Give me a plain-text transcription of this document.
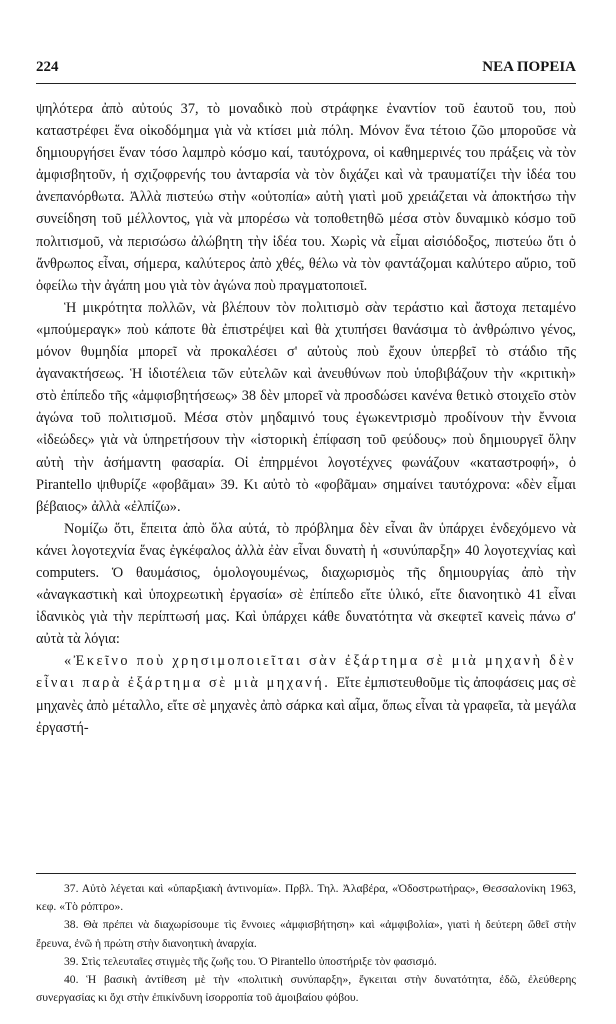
224	ΝΕΑ ΠΟΡΕΙΑ

ψηλότερα ἀπὸ αὐτούς 37, τὸ μοναδικὸ ποὺ στράφηκε ἐναντίον τοῦ ἑαυτοῦ του, ποὺ καταστρέφει ἕνα οἰκοδόμημα γιὰ νὰ κτίσει μιὰ πόλη. Μόνον ἕνα τέτοιο ζῶο μποροῦσε νὰ δημιουργήσει ἕναν τόσο λαμπρὸ κόσμο καί, ταυτόχρονα, οἱ καθημερινές του πράξεις νὰ τὸν ἀμφισβητοῦν, ἡ σχιζοφρενής του ἀνταρσία νὰ τὸν διχάζει καὶ νὰ τραυματίζει τὴν ἰδέα του ἀνεπανόρθωτα. Ἀλλὰ πιστεύω στὴν «οὐτοπία» αὐτὴ γιατὶ μοῦ χρειάζεται νὰ ἀποκτήσω τὴν συνείδηση τοῦ μέλλοντος, γιὰ νὰ μπορέσω νὰ τοποθετηθῶ μέσα στὸν δυναμικὸ κόσμο τοῦ πολιτισμοῦ, νὰ περισώσω ἀλώβητη τὴν ἰδέα του. Χωρὶς νὰ εἶμαι αἰσιόδοξος, πιστεύω ὅτι ὁ ἄνθρωπος εἶναι, σήμερα, καλύτερος ἀπὸ χθές, θέλω νὰ τὸν φαντάζομαι καλύτερο αὔριο, τοῦ ὀφείλω τὴν ἀγάπη μου γιὰ τὸν ἀγώνα ποὺ πραγματοποιεῖ.

Ἡ μικρότητα πολλῶν, νὰ βλέπουν τὸν πολιτισμὸ σὰν τεράστιο καὶ ἄστοχα πεταμένο «μπούμεραγκ» ποὺ κάποτε θὰ ἐπιστρέψει καὶ θὰ χτυπήσει θανάσιμα τὸ ἀνθρώπινο γένος, μόνον θυμηδία μπορεῖ νὰ προκαλέσει σ' αὐτοὺς ποὺ ἔχουν ὑπερβεῖ τὸ στάδιο τῆς ἀγανακτήσεως. Ἡ ἰδιοτέλεια τῶν εὐτελῶν καὶ ἀνευθύνων ποὺ ὑποβιβάζουν τὴν «κριτικὴ» στὸ ἐπίπεδο τῆς «ἀμφισβητήσεως» 38 δὲν μπορεῖ νὰ προσδώσει κανένα θετικὸ στοιχεῖο στὸν ἀγώνα τοῦ πολιτισμοῦ. Μέσα στὸν μηδαμινό τους ἐγωκεντρισμὸ προδίνουν τὴν ἔννοια «ἰδεώδες» γιὰ νὰ ὑπηρετήσουν τὴν «ἱστορικὴ ἐπίφαση τοῦ φεύδους» ποὺ δημιουργεῖ ὅλην αὐτὴ τὴν ἀσήμαντη φασαρία. Οἱ ἐπηρμένοι λογοτέχνες φωνάζουν «καταστροφή», ὁ Pirantello ψιθυρίζε «φοβᾶμαι» 39. Κι αὐτὸ τὸ «φοβᾶμαι» σημαίνει ταυτόχρονα: «δὲν εἶμαι βέβαιος» ἀλλὰ «ἐλπίζω».

Νομίζω ὅτι, ἔπειτα ἀπὸ ὅλα αὐτά, τὸ πρόβλημα δὲν εἶναι ἂν ὑπάρχει ἐνδεχόμενο νὰ κάνει λογοτεχνία ἕνας ἐγκέφαλος ἀλλὰ ἐὰν εἶναι δυνατὴ ἡ «συνύπαρξη» 40 λογοτεχνίας καὶ computers. Ὁ θαυμάσιος, ὁμολογουμένως, διαχωρισμὸς τῆς δημιουργίας ἀπὸ τὴν «ἀναγκαστικὴ καὶ ὑποχρεωτικὴ ἐργασία» σὲ ἐπίπεδο εἴτε ὑλικό, εἴτε διανοητικὸ 41 εἶναι ἰδανικὸς γιὰ τὴν περίπτωσή μας. Καὶ ὑπάρχει κάθε δυνατότητα νὰ σκεφτεῖ κανεὶς πάνω σ' αὐτὰ τὰ λόγια:

«Ἐκεῖνο ποὺ χρησιμοποιεῖται σὰν ἐξάρτημα σὲ μιὰ μηχανὴ δὲν εἶναι παρὰ ἐξάρτημα σὲ μιὰ μηχανή. Εἴτε ἐμπιστευθοῦμε τὶς ἀποφάσεις μας σὲ μηχανὲς ἀπὸ μέταλλο, εἴτε σὲ μηχανὲς ἀπὸ σάρκα καὶ αἷμα, ὅπως εἶναι τὰ γραφεῖα, τὰ μεγάλα ἐργαστή-

37. Αὐτὸ λέγεται καὶ «ὑπαρξιακὴ ἀντινομία». Πρβλ. Τηλ. Ἀλαβέρα, «Ὀδοστρωτήρας», Θεσσαλονίκη 1963, κεφ. «Τὸ ρόπτρο».

38. Θὰ πρέπει νὰ διαχωρίσουμε τὶς ἔννοιες «ἀμφισβήτηση» καὶ «ἀμφιβολία», γιατὶ ἡ δεύτερη ὤθεῖ στὴν ἔρευνα, ἐνῶ ἡ πρώτη στὴν διανοητικὴ ἀναρχία.

39. Στὶς τελευταῖες στιγμὲς τῆς ζωῆς του. Ὁ Pirantello ὑποστήριξε τὸν φασισμό.

40. Ἡ βασικὴ ἀντίθεση μὲ τὴν «πολιτικὴ συνύπαρξη», ἔγκειται στὴν δυνατότητα, ἐδῶ, ἐλεύθερης συνεργασίας κι ὄχι στὴν ἐπικίνδυνη ἰσορροπία τοῦ ἀμοιβαίου φόβου.
